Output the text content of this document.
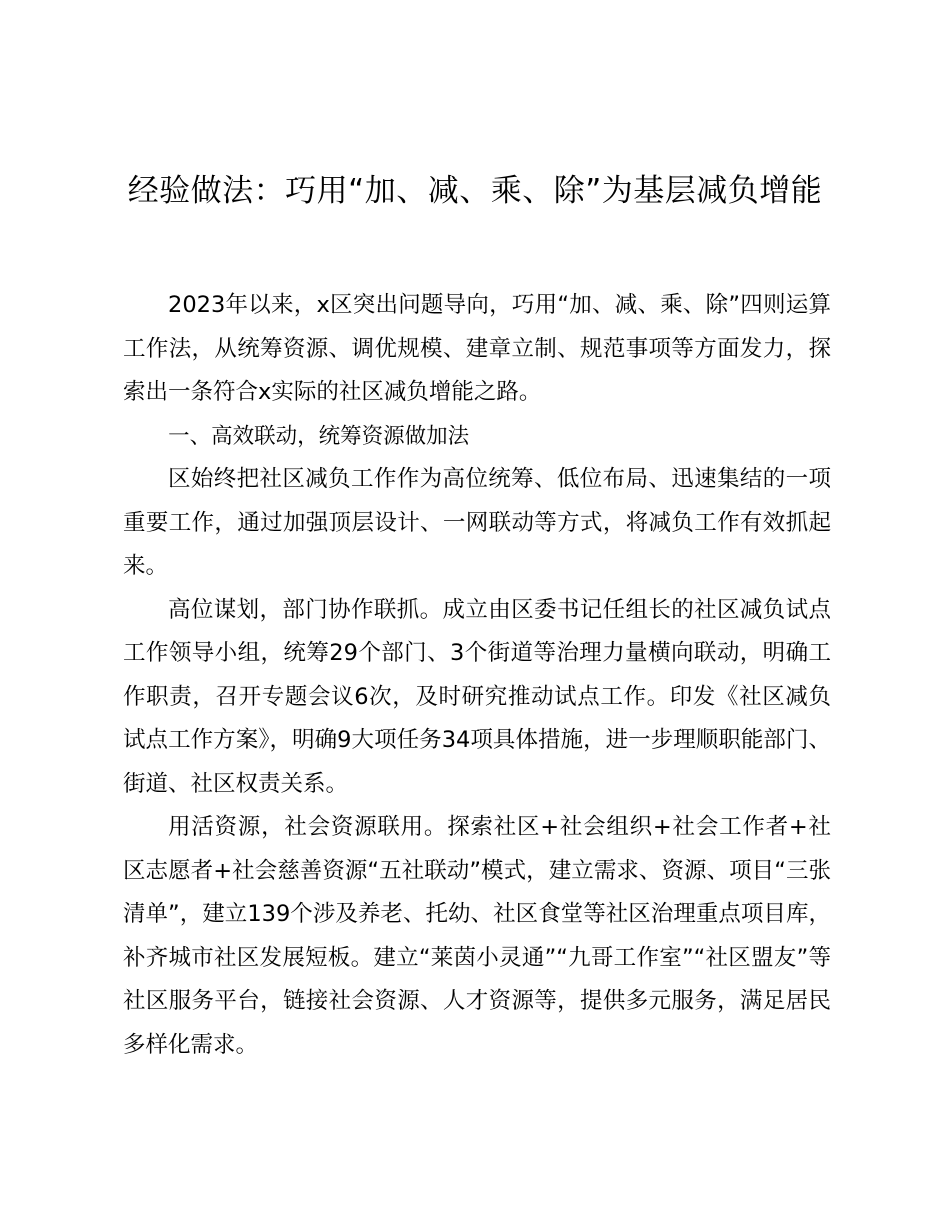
经验做法：巧用“加、减、乘、除”为基层减负增能

2023年以来，x区突出问题导向，巧用“加、减、乘、除”四则运算工作法，从统筹资源、调优规模、建章立制、规范事项等方面发力，探索出一条符合x实际的社区减负增能之路。

一、高效联动，统筹资源做加法

区始终把社区减负工作作为高位统筹、低位布局、迅速集结的一项重要工作，通过加强顶层设计、一网联动等方式，将减负工作有效抓起来。

高位谋划，部门协作联抓。成立由区委书记任组长的社区减负试点工作领导小组，统筹29个部门、3个街道等治理力量横向联动，明确工作职责，召开专题会议6次，及时研究推动试点工作。印发《社区减负试点工作方案》，明确9大项任务34项具体措施，进一步理顺职能部门、街道、社区权责关系。

用活资源，社会资源联用。探索社区+社会组织+社会工作者+社区志愿者+社会慈善资源“五社联动”模式，建立需求、资源、项目“三张清单”，建立139个涉及养老、托幼、社区食堂等社区治理重点项目库，补齐城市社区发展短板。建立“莱茵小灵通”“九哥工作室”“社区盟友”等社区服务平台，链接社会资源、人才资源等，提供多元服务，满足居民多样化需求。
